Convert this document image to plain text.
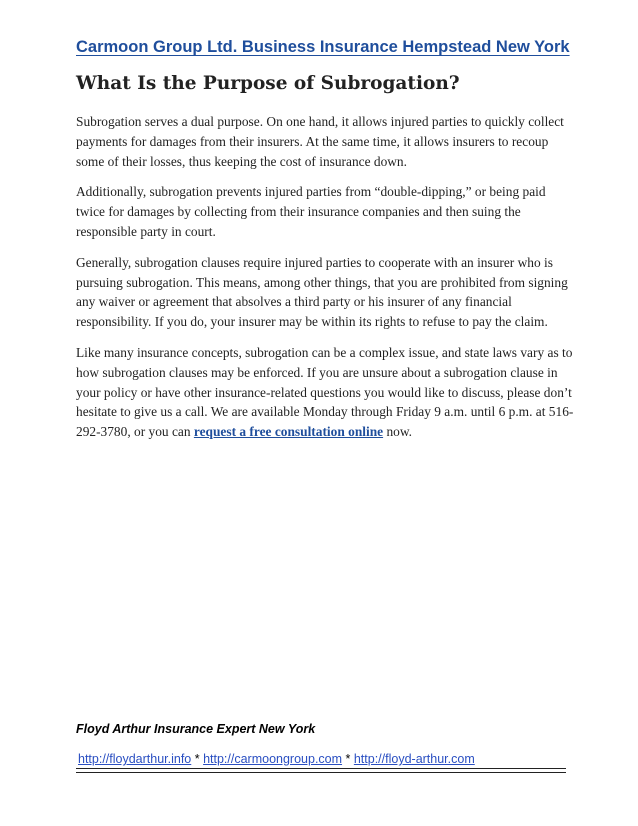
Carmoon Group Ltd. Business Insurance Hempstead New York
What Is the Purpose of Subrogation?

Subrogation serves a dual purpose. On one hand, it allows injured parties to quickly collect payments for damages from their insurers. At the same time, it allows insurers to recoup some of their losses, thus keeping the cost of insurance down.

Additionally, subrogation prevents injured parties from “double-dipping,” or being paid twice for damages by collecting from their insurance companies and then suing the responsible party in court.

Generally, subrogation clauses require injured parties to cooperate with an insurer who is pursuing subrogation. This means, among other things, that you are prohibited from signing any waiver or agreement that absolves a third party or his insurer of any financial responsibility. If you do, your insurer may be within its rights to refuse to pay the claim.

Like many insurance concepts, subrogation can be a complex issue, and state laws vary as to how subrogation clauses may be enforced. If you are unsure about a subrogation clause in your policy or have other insurance-related questions you would like to discuss, please don’t hesitate to give us a call. We are available Monday through Friday 9 a.m. until 6 p.m. at 516-292-3780, or you can request a free consultation online now.

Floyd Arthur Insurance Expert New York
http://floydarthur.info * http://carmoongroup.com * http://floyd-arthur.com
